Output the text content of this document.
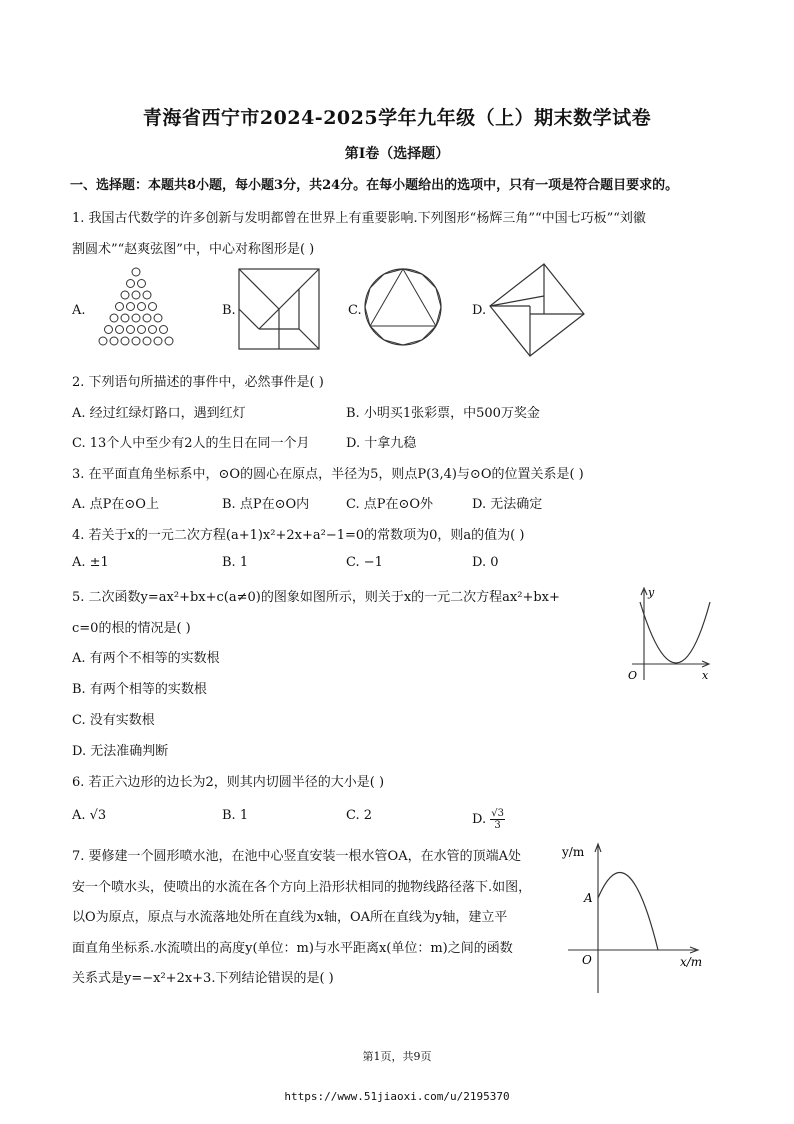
青海省西宁市2024-2025学年九年级（上）期末数学试卷
第I卷（选择题）
一、选择题：本题共8小题，每小题3分，共24分。在每小题给出的选项中，只有一项是符合题目要求的。
1. 我国古代数学的许多创新与发明都曾在世界上有重要影响.下列图形“杨辉三角”“中国七巧板”“刘徽
割圆术”“赵爽弦图”中，中心对称图形是( )
A.	B.	C.	D.
2. 下列语句所描述的事件中，必然事件是( )
A. 经过红绿灯路口，遇到红灯	B. 小明买1张彩票，中500万奖金
C. 13个人中至少有2人的生日在同一个月	D. 十拿九稳
3. 在平面直角坐标系中，⊙O的圆心在原点，半径为5，则点P(3,4)与⊙O的位置关系是( )
A. 点P在⊙O上	B. 点P在⊙O内	C. 点P在⊙O外	D. 无法确定
4. 若关于x的一元二次方程(a+1)x²+2x+a²−1=0的常数项为0，则a的值为( )
A. ±1	B. 1	C. −1	D. 0
5. 二次函数y=ax²+bx+c(a≠0)的图象如图所示，则关于x的一元二次方程ax²+bx+
c=0的根的情况是( )
A. 有两个不相等的实数根
B. 有两个相等的实数根
C. 没有实数根
D. 无法准确判断
y
x
O
6. 若正六边形的边长为2，则其内切圆半径的大小是( )
A. √3	B. 1	C. 2	D. $\frac{√3}{3}$
7. 要修建一个圆形喷水池，在池中心竖直安装一根水管OA，在水管的顶端A处
安一个喷水头，使喷出的水流在各个方向上沿形状相同的抛物线路径落下.如图，
以O为原点，原点与水流落地处所在直线为x轴，OA所在直线为y轴，建立平
面直角坐标系.水流喷出的高度y(单位：m)与水平距离x(单位：m)之间的函数
关系式是y=−x²+2x+3.下列结论错误的是( )
y/m
x/m
O
A
第1页，共9页
https://www.51jiaoxi.com/u/2195370
